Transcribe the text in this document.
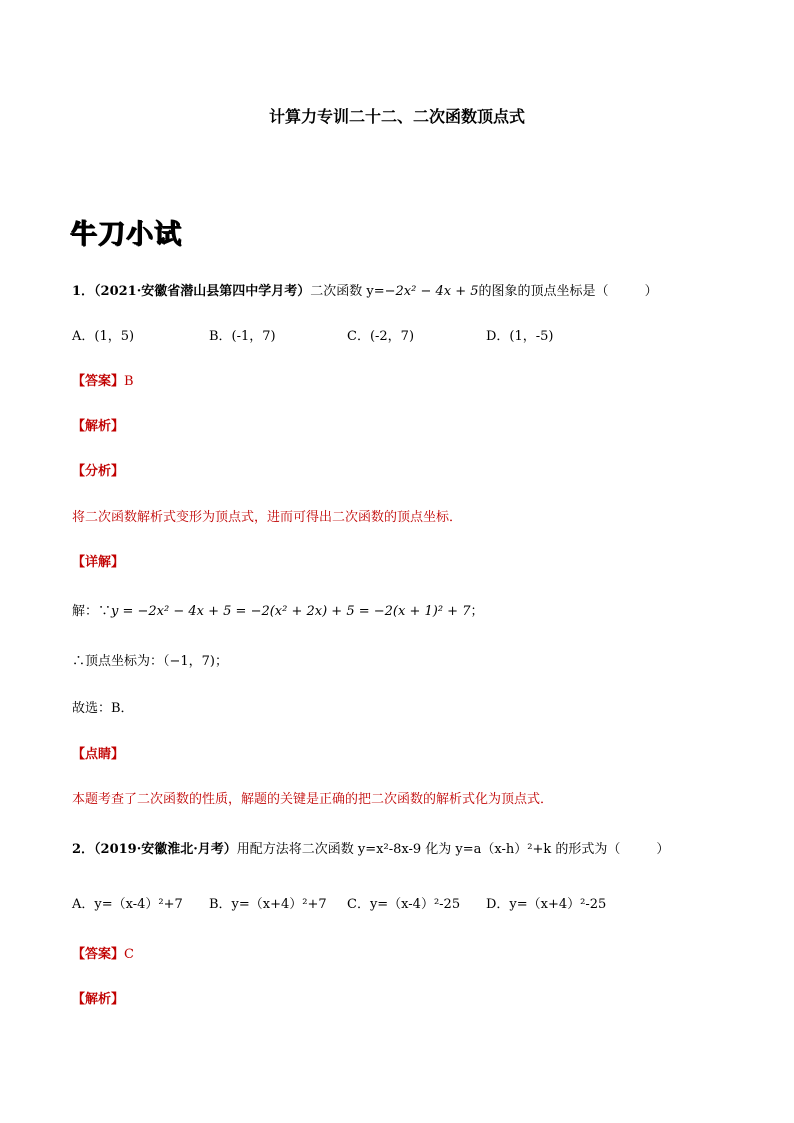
计算力专训二十二、二次函数顶点式
牛刀小试
1．（2021·安徽省潜山县第四中学月考）二次函数 y=−2x² − 4x + 5的图象的顶点坐标是（	）
A．(1，5)	B．(-1，7)	C．(-2，7)	D．(1，-5)
【答案】B
【解析】
【分析】
将二次函数解析式变形为顶点式，进而可得出二次函数的顶点坐标．
【详解】
解：∵y = −2x² − 4x + 5 = −2(x² + 2x) + 5 = −2(x + 1)² + 7；
∴顶点坐标为：（−1，7)；
故选：B．
【点睛】
本题考查了二次函数的性质，解题的关键是正确的把二次函数的解析式化为顶点式．
2．（2019·安徽淮北·月考）用配方法将二次函数 y=x²-8x-9 化为 y=a（x-h）²+k 的形式为（	）
A．y=（x-4）²+7 B．y=（x+4）²+7 C．y=（x-4）²-25 D．y=（x+4）²-25
【答案】C
【解析】
